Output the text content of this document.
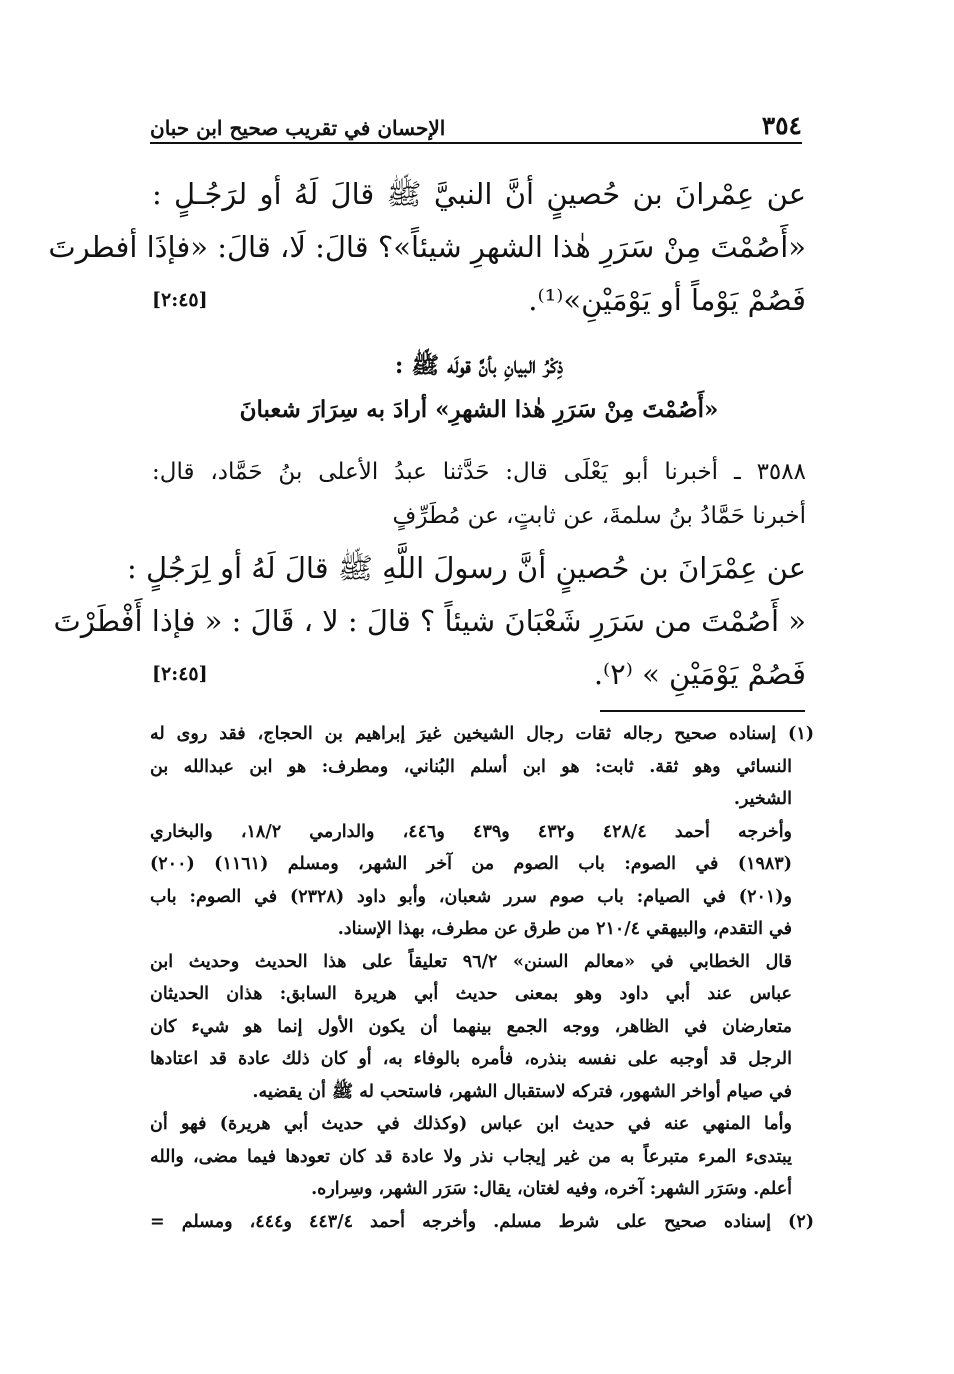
٣٥٤
الإحسان في تقريب صحيح ابن حبان
عن عِمْرانَ بن حُصينٍ أنَّ النبيَّ ﷺ قالَ لَهُ أو لرَجُـلٍ :
«أَصُمْتَ مِنْ سَرَرِ هٰذا الشهرِ شيئاً»؟ قالَ: لَا، قالَ: «فإذَا أفطرتَ
فَصُمْ يَوْماً أو يَوْمَيْنِ»⁽¹⁾.
[٢:٤٥]
ذِكْرُ البيانِ بأنَّ قولَه ﷺ :
«أَصُمْتَ مِنْ سَرَرِ هٰذا الشهرِ» أرادَ به سِرَارَ شعبانَ
٣٥٨٨ ـ أخبرنا أبو يَعْلَى قال: حَدَّثنا عبدُ الأعلى بنُ حَمَّاد، قال:
أخبرنا حَمَّادُ بنُ سلمةَ، عن ثابتٍ، عن مُطَرِّفٍ
عن عِمْرَانَ بن حُصينٍ أنَّ رسولَ اللَّهِ ﷺ قالَ لَهُ أو لِرَجُلٍ :
« أَصُمْتَ من سَرَرِ شَعْبَانَ شيئاً ؟ قالَ : لا ، قَالَ : « فإذا أَفْطَرْتَ
فَصُمْ يَوْمَيْنِ » ⁽٢⁾.
[٢:٤٥]
(١) إسناده صحيح رجاله ثقات رجال الشيخين غيرَ إبراهيم بن الحجاج، فقد روى له
النسائي وهو ثقة. ثابت: هو ابن أسلم البُناني، ومطرف: هو ابن عبدالله بن
الشخير.
وأخرجه أحمد ٤٢٨/٤ و٤٣٢ و٤٣٩ و٤٤٦، والدارمي ١٨/٢، والبخاري
(١٩٨٣) في الصوم: باب الصوم من آخر الشهر، ومسلم (١١٦١) (٢٠٠)
و(٢٠١) في الصيام: باب صوم سرر شعبان، وأبو داود (٢٣٢٨) في الصوم: باب
في التقدم، والبيهقي ٢١٠/٤ من طرق عن مطرف، بهذا الإسناد.
قال الخطابي في «معالم السنن» ٩٦/٢ تعليقاً على هذا الحديث وحديث ابن
عباس عند أبي داود وهو بمعنى حديث أبي هريرة السابق: هذان الحديثان
متعارضان في الظاهر، ووجه الجمع بينهما أن يكون الأول إنما هو شيء كان
الرجل قد أوجبه على نفسه بنذره، فأمره بالوفاء به، أو كان ذلك عادة قد اعتادها
في صيام أواخر الشهور، فتركه لاستقبال الشهر، فاستحب له ﷺ أن يقضيه.
وأما المنهي عنه في حديث ابن عباس (وكذلك في حديث أبي هريرة) فهو أن
يبتدىء المرء متبرعاً به من غير إيجاب نذر ولا عادة قد كان تعودها فيما مضى، والله
أعلم. وسَرَر الشهر: آخره، وفيه لغتان، يقال: سَرَر الشهر، وسِراره.
(٢) إسناده صحيح على شرط مسلم. وأخرجه أحمد ٤٤٣/٤ و٤٤٤، ومسلم =
